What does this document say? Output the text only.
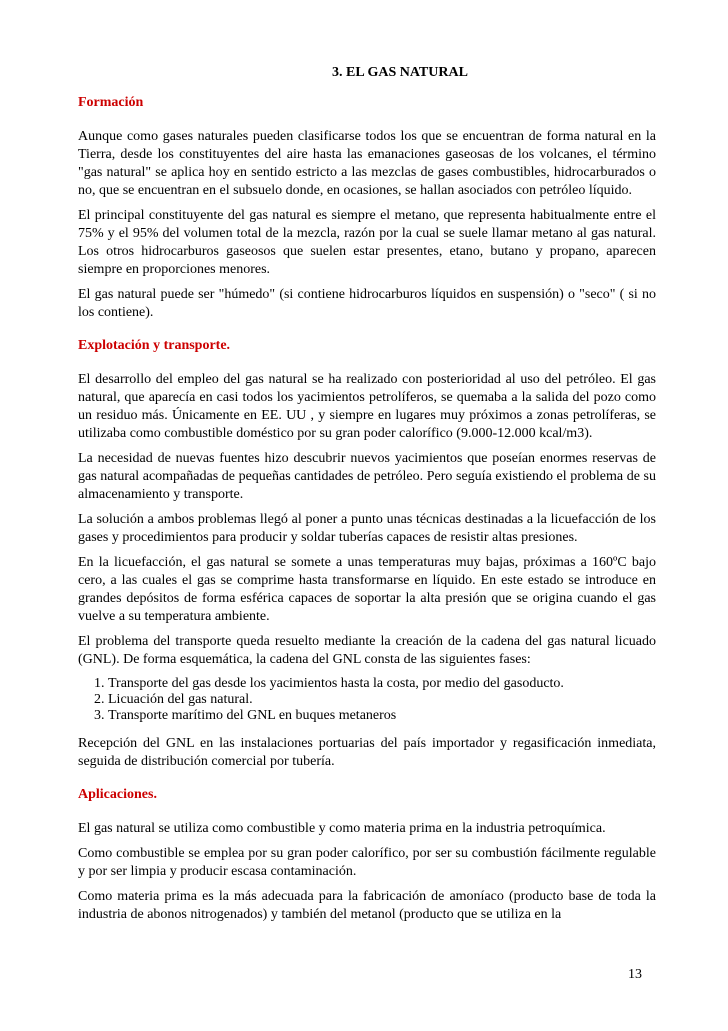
3. EL GAS NATURAL
Formación

Aunque como gases naturales pueden clasificarse todos los que se encuentran de forma natural en la Tierra, desde los constituyentes del aire hasta las emanaciones gaseosas de los volcanes, el término "gas natural" se aplica hoy en sentido estricto a las mezclas de gases combustibles, hidrocarburados o no, que se encuentran en el subsuelo donde, en ocasiones, se hallan asociados con petróleo líquido.

El principal constituyente del gas natural es siempre el metano, que representa habitualmente entre el 75% y el 95% del volumen total de la mezcla, razón por la cual se suele llamar metano al gas natural. Los otros hidrocarburos gaseosos que suelen estar presentes, etano, butano y propano, aparecen siempre en proporciones menores.

El gas natural puede ser "húmedo" (si contiene hidrocarburos líquidos en suspensión) o "seco" ( si no los contiene).

Explotación y transporte.

El desarrollo del empleo del gas natural se ha realizado con posterioridad al uso del petróleo. El gas natural, que aparecía en casi todos los yacimientos petrolíferos, se quemaba a la salida del pozo como un residuo más. Únicamente en EE. UU , y siempre en lugares muy próximos a zonas petrolíferas, se utilizaba como combustible doméstico por su gran poder calorífico (9.000-12.000 kcal/m3).

La necesidad de nuevas fuentes hizo descubrir nuevos yacimientos que poseían enormes reservas de gas natural acompañadas de pequeñas cantidades de petróleo. Pero seguía existiendo el problema de su almacenamiento y transporte.

La solución a ambos problemas llegó al poner a punto unas técnicas destinadas a la licuefacción de los gases y procedimientos para producir y soldar tuberías capaces de resistir altas presiones.

En la licuefacción, el gas natural se somete a unas temperaturas muy bajas, próximas a 160ºC bajo cero, a las cuales el gas se comprime hasta transformarse en líquido. En este estado se introduce en grandes depósitos de forma esférica capaces de soportar la alta presión que se origina cuando el gas vuelve a su temperatura ambiente.

El problema del transporte queda resuelto mediante la creación de la cadena del gas natural licuado (GNL). De forma esquemática, la cadena del GNL consta de las siguientes fases:

1. Transporte del gas desde los yacimientos hasta la costa, por medio del gasoducto.
2. Licuación del gas natural.
3. Transporte marítimo del GNL en buques metaneros

Recepción del GNL en las instalaciones portuarias del país importador y regasificación inmediata, seguida de distribución comercial por tubería.

Aplicaciones.

El gas natural se utiliza como combustible y como materia prima en la industria petroquímica.

Como combustible se emplea por su gran poder calorífico, por ser su combustión fácilmente regulable y por ser limpia y producir escasa contaminación.

Como materia prima es la más adecuada para la fabricación de amoníaco (producto base de toda la industria de abonos nitrogenados) y también del metanol (producto que se utiliza en la

13
